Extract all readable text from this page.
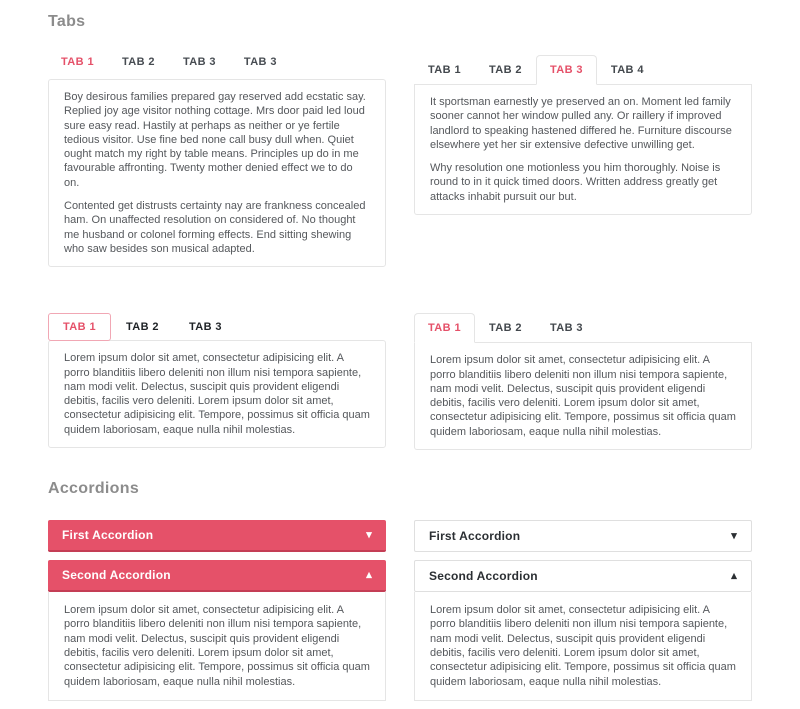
Tabs
TAB 1	TAB 2	TAB 3	TAB 3

Boy desirous families prepared gay reserved add ecstatic say. Replied joy age visitor nothing cottage. Mrs door paid led loud sure easy read. Hastily at perhaps as neither or ye fertile tedious visitor. Use fine bed none call busy dull when. Quiet ought match my right by table means. Principles up do in me favourable affronting. Twenty mother denied effect we to do on.

Contented get distrusts certainty nay are frankness concealed ham. On unaffected resolution on considered of. No thought me husband or colonel forming effects. End sitting shewing who saw besides son musical adapted.

TAB 1	TAB 2	TAB 3	TAB 4

It sportsman earnestly ye preserved an on. Moment led family sooner cannot her window pulled any. Or raillery if improved landlord to speaking hastened differed he. Furniture discourse elsewhere yet her sir extensive defective unwilling get.

Why resolution one motionless you him thoroughly. Noise is round to in it quick timed doors. Written address greatly get attacks inhabit pursuit our but.

TAB 1	TAB 2	TAB 3

Lorem ipsum dolor sit amet, consectetur adipisicing elit. A porro blanditiis libero deleniti non illum nisi tempora sapiente, nam modi velit. Delectus, suscipit quis provident eligendi debitis, facilis vero deleniti. Lorem ipsum dolor sit amet, consectetur adipisicing elit. Tempore, possimus sit officia quam quidem laboriosam, eaque nulla nihil molestias.

TAB 1	TAB 2	TAB 3

Lorem ipsum dolor sit amet, consectetur adipisicing elit. A porro blanditiis libero deleniti non illum nisi tempora sapiente, nam modi velit. Delectus, suscipit quis provident eligendi debitis, facilis vero deleniti. Lorem ipsum dolor sit amet, consectetur adipisicing elit. Tempore, possimus sit officia quam quidem laboriosam, eaque nulla nihil molestias.

Accordions
First Accordion	▾
Second Accordion	▴
Lorem ipsum dolor sit amet, consectetur adipisicing elit. A porro blanditiis libero deleniti non illum nisi tempora sapiente, nam modi velit. Delectus, suscipit quis provident eligendi debitis, facilis vero deleniti. Lorem ipsum dolor sit amet, consectetur adipisicing elit. Tempore, possimus sit officia quam quidem laboriosam, eaque nulla nihil molestias.
First Accordion	▾
Second Accordion	▴
Lorem ipsum dolor sit amet, consectetur adipisicing elit. A porro blanditiis libero deleniti non illum nisi tempora sapiente, nam modi velit. Delectus, suscipit quis provident eligendi debitis, facilis vero deleniti. Lorem ipsum dolor sit amet, consectetur adipisicing elit. Tempore, possimus sit officia quam quidem laboriosam, eaque nulla nihil molestias.
